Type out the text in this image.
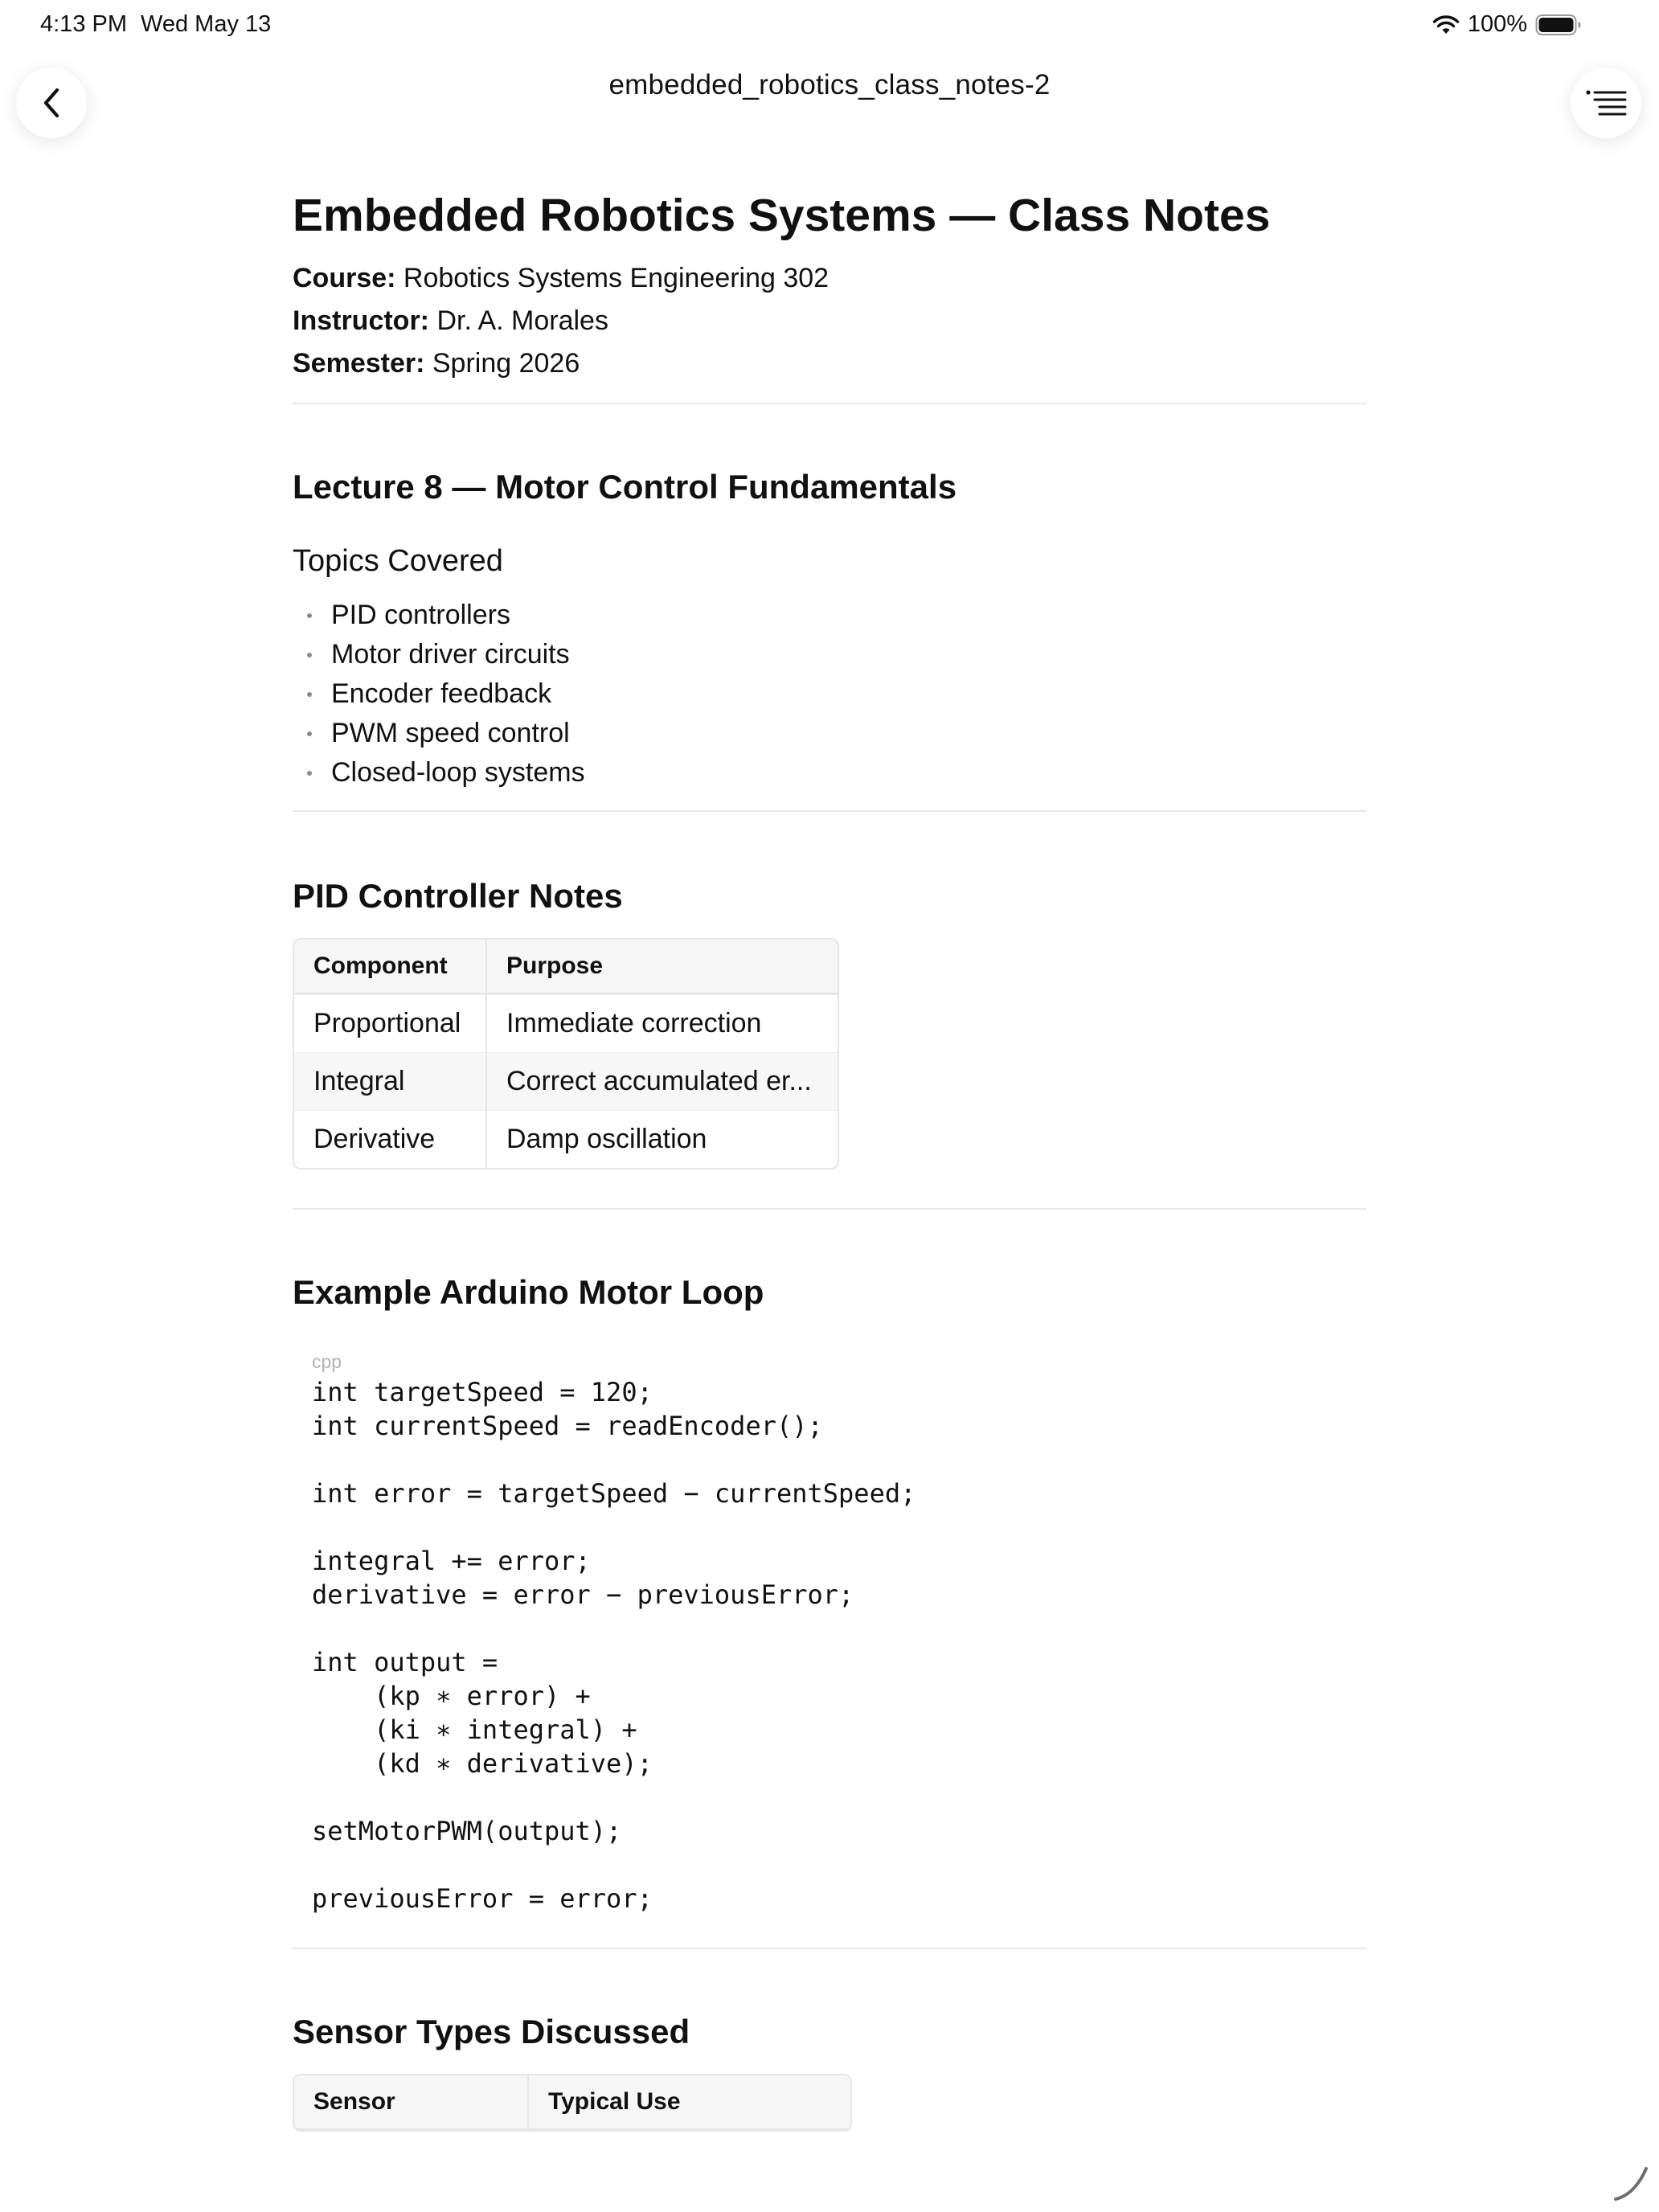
4:13 PM Wed May 13	100%
embedded_robotics_class_notes-2
Embedded Robotics Systems — Class Notes
Course: Robotics Systems Engineering 302
Instructor: Dr. A. Morales
Semester: Spring 2026
Lecture 8 — Motor Control Fundamentals
Topics Covered
PID controllers
Motor driver circuits
Encoder feedback
PWM speed control
Closed-loop systems
PID Controller Notes
Component	Purpose
Proportional	Immediate correction
Integral	Correct accumulated er...
Derivative	Damp oscillation
Example Arduino Motor Loop
cpp
int targetSpeed = 120;
int currentSpeed = readEncoder();

int error = targetSpeed − currentSpeed;

integral += error;
derivative = error − previousError;

int output =
(kp ∗ error) +
(ki ∗ integral) +
(kd ∗ derivative);

setMotorPWM(output);

previousError = error;
Sensor Types Discussed
Sensor	Typical Use
